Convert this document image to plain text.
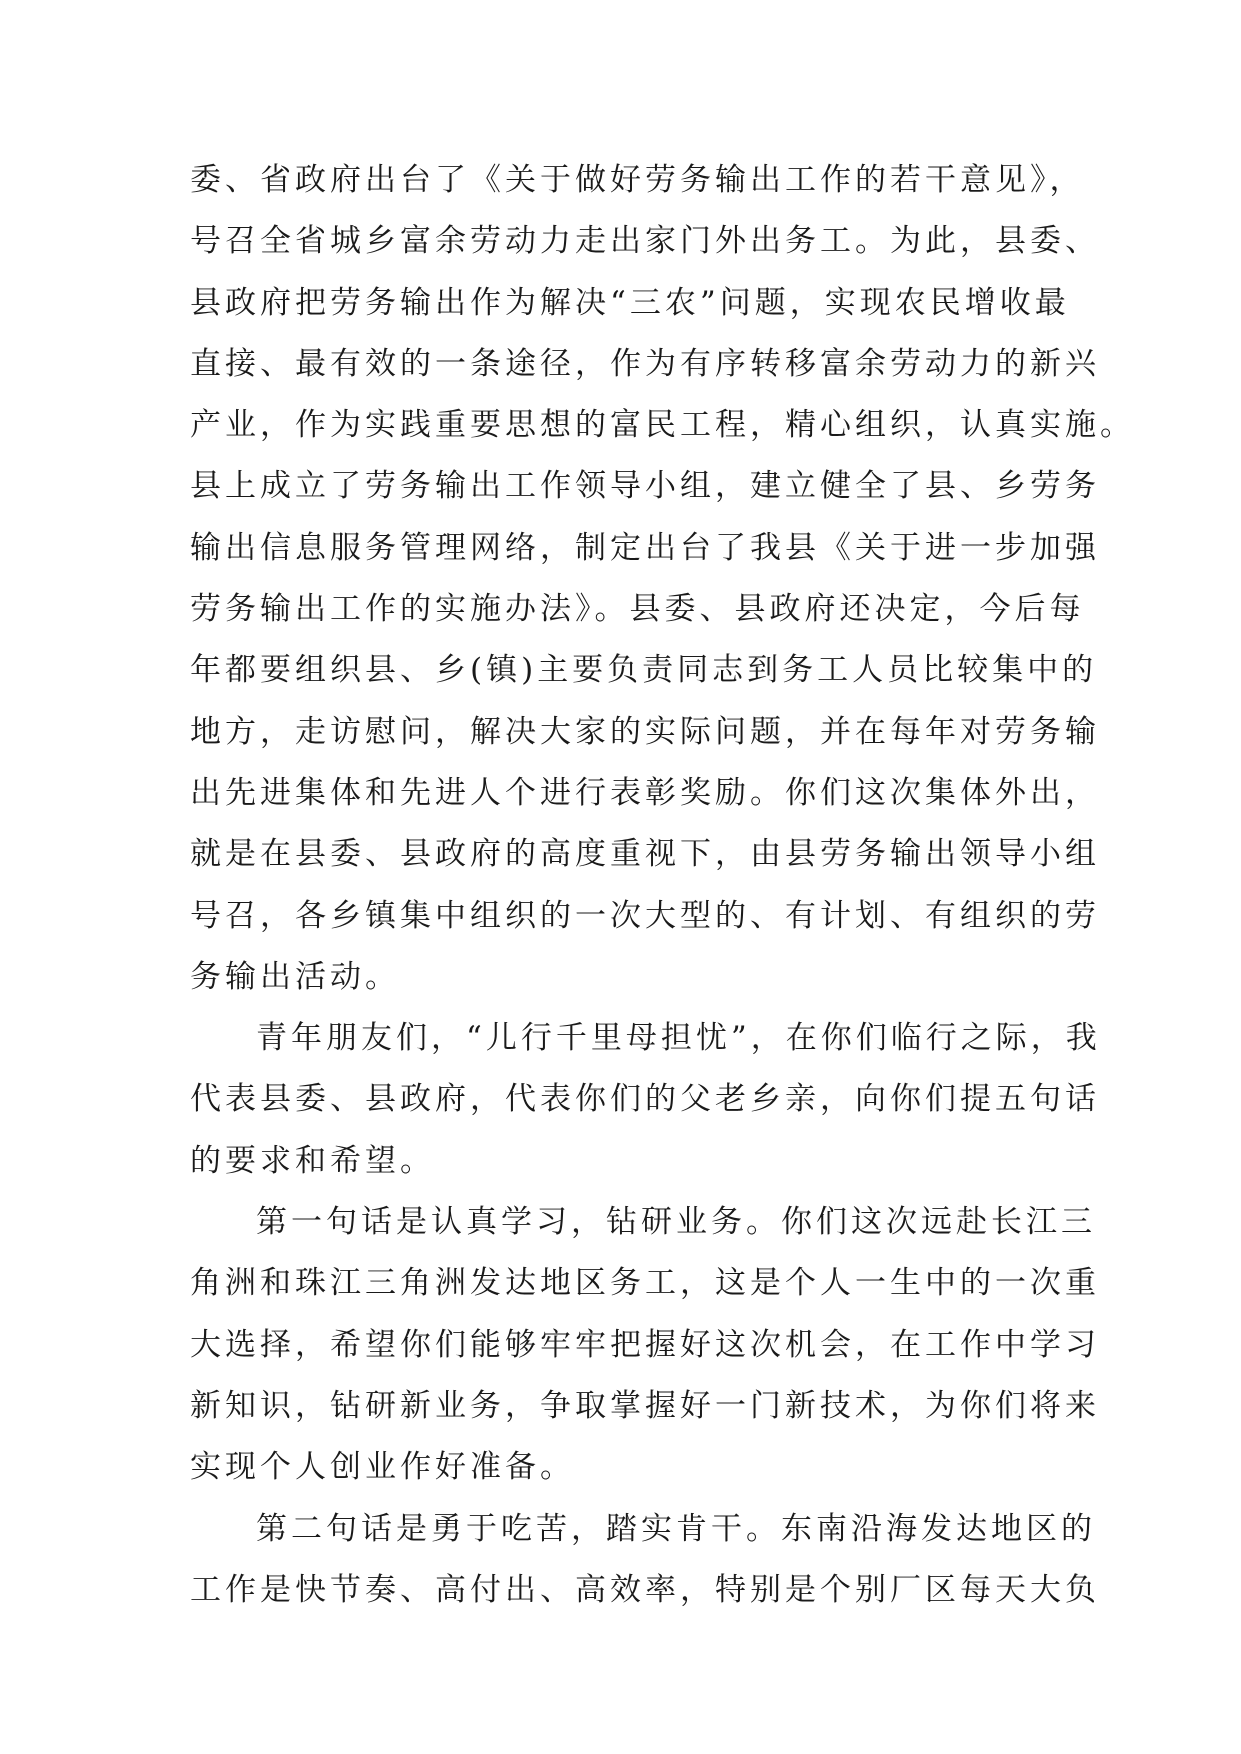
委、省政府出台了《关于做好劳务输出工作的若干意见》，
号召全省城乡富余劳动力走出家门外出务工。为此，县委、
县政府把劳务输出作为解决“三农”问题，实现农民增收最
直接、最有效的一条途径，作为有序转移富余劳动力的新兴
产业，作为实践重要思想的富民工程，精心组织，认真实施。
县上成立了劳务输出工作领导小组，建立健全了县、乡劳务
输出信息服务管理网络，制定出台了我县《关于进一步加强
劳务输出工作的实施办法》。县委、县政府还决定，今后每
年都要组织县、乡(镇)主要负责同志到务工人员比较集中的
地方，走访慰问，解决大家的实际问题，并在每年对劳务输
出先进集体和先进人个进行表彰奖励。你们这次集体外出，
就是在县委、县政府的高度重视下，由县劳务输出领导小组
号召，各乡镇集中组织的一次大型的、有计划、有组织的劳
务输出活动。
青年朋友们，“儿行千里母担忧”，在你们临行之际，我
代表县委、县政府，代表你们的父老乡亲，向你们提五句话
的要求和希望。
第一句话是认真学习，钻研业务。你们这次远赴长江三
角洲和珠江三角洲发达地区务工，这是个人一生中的一次重
大选择，希望你们能够牢牢把握好这次机会，在工作中学习
新知识，钻研新业务，争取掌握好一门新技术，为你们将来
实现个人创业作好准备。
第二句话是勇于吃苦，踏实肯干。东南沿海发达地区的
工作是快节奏、高付出、高效率，特别是个别厂区每天大负
